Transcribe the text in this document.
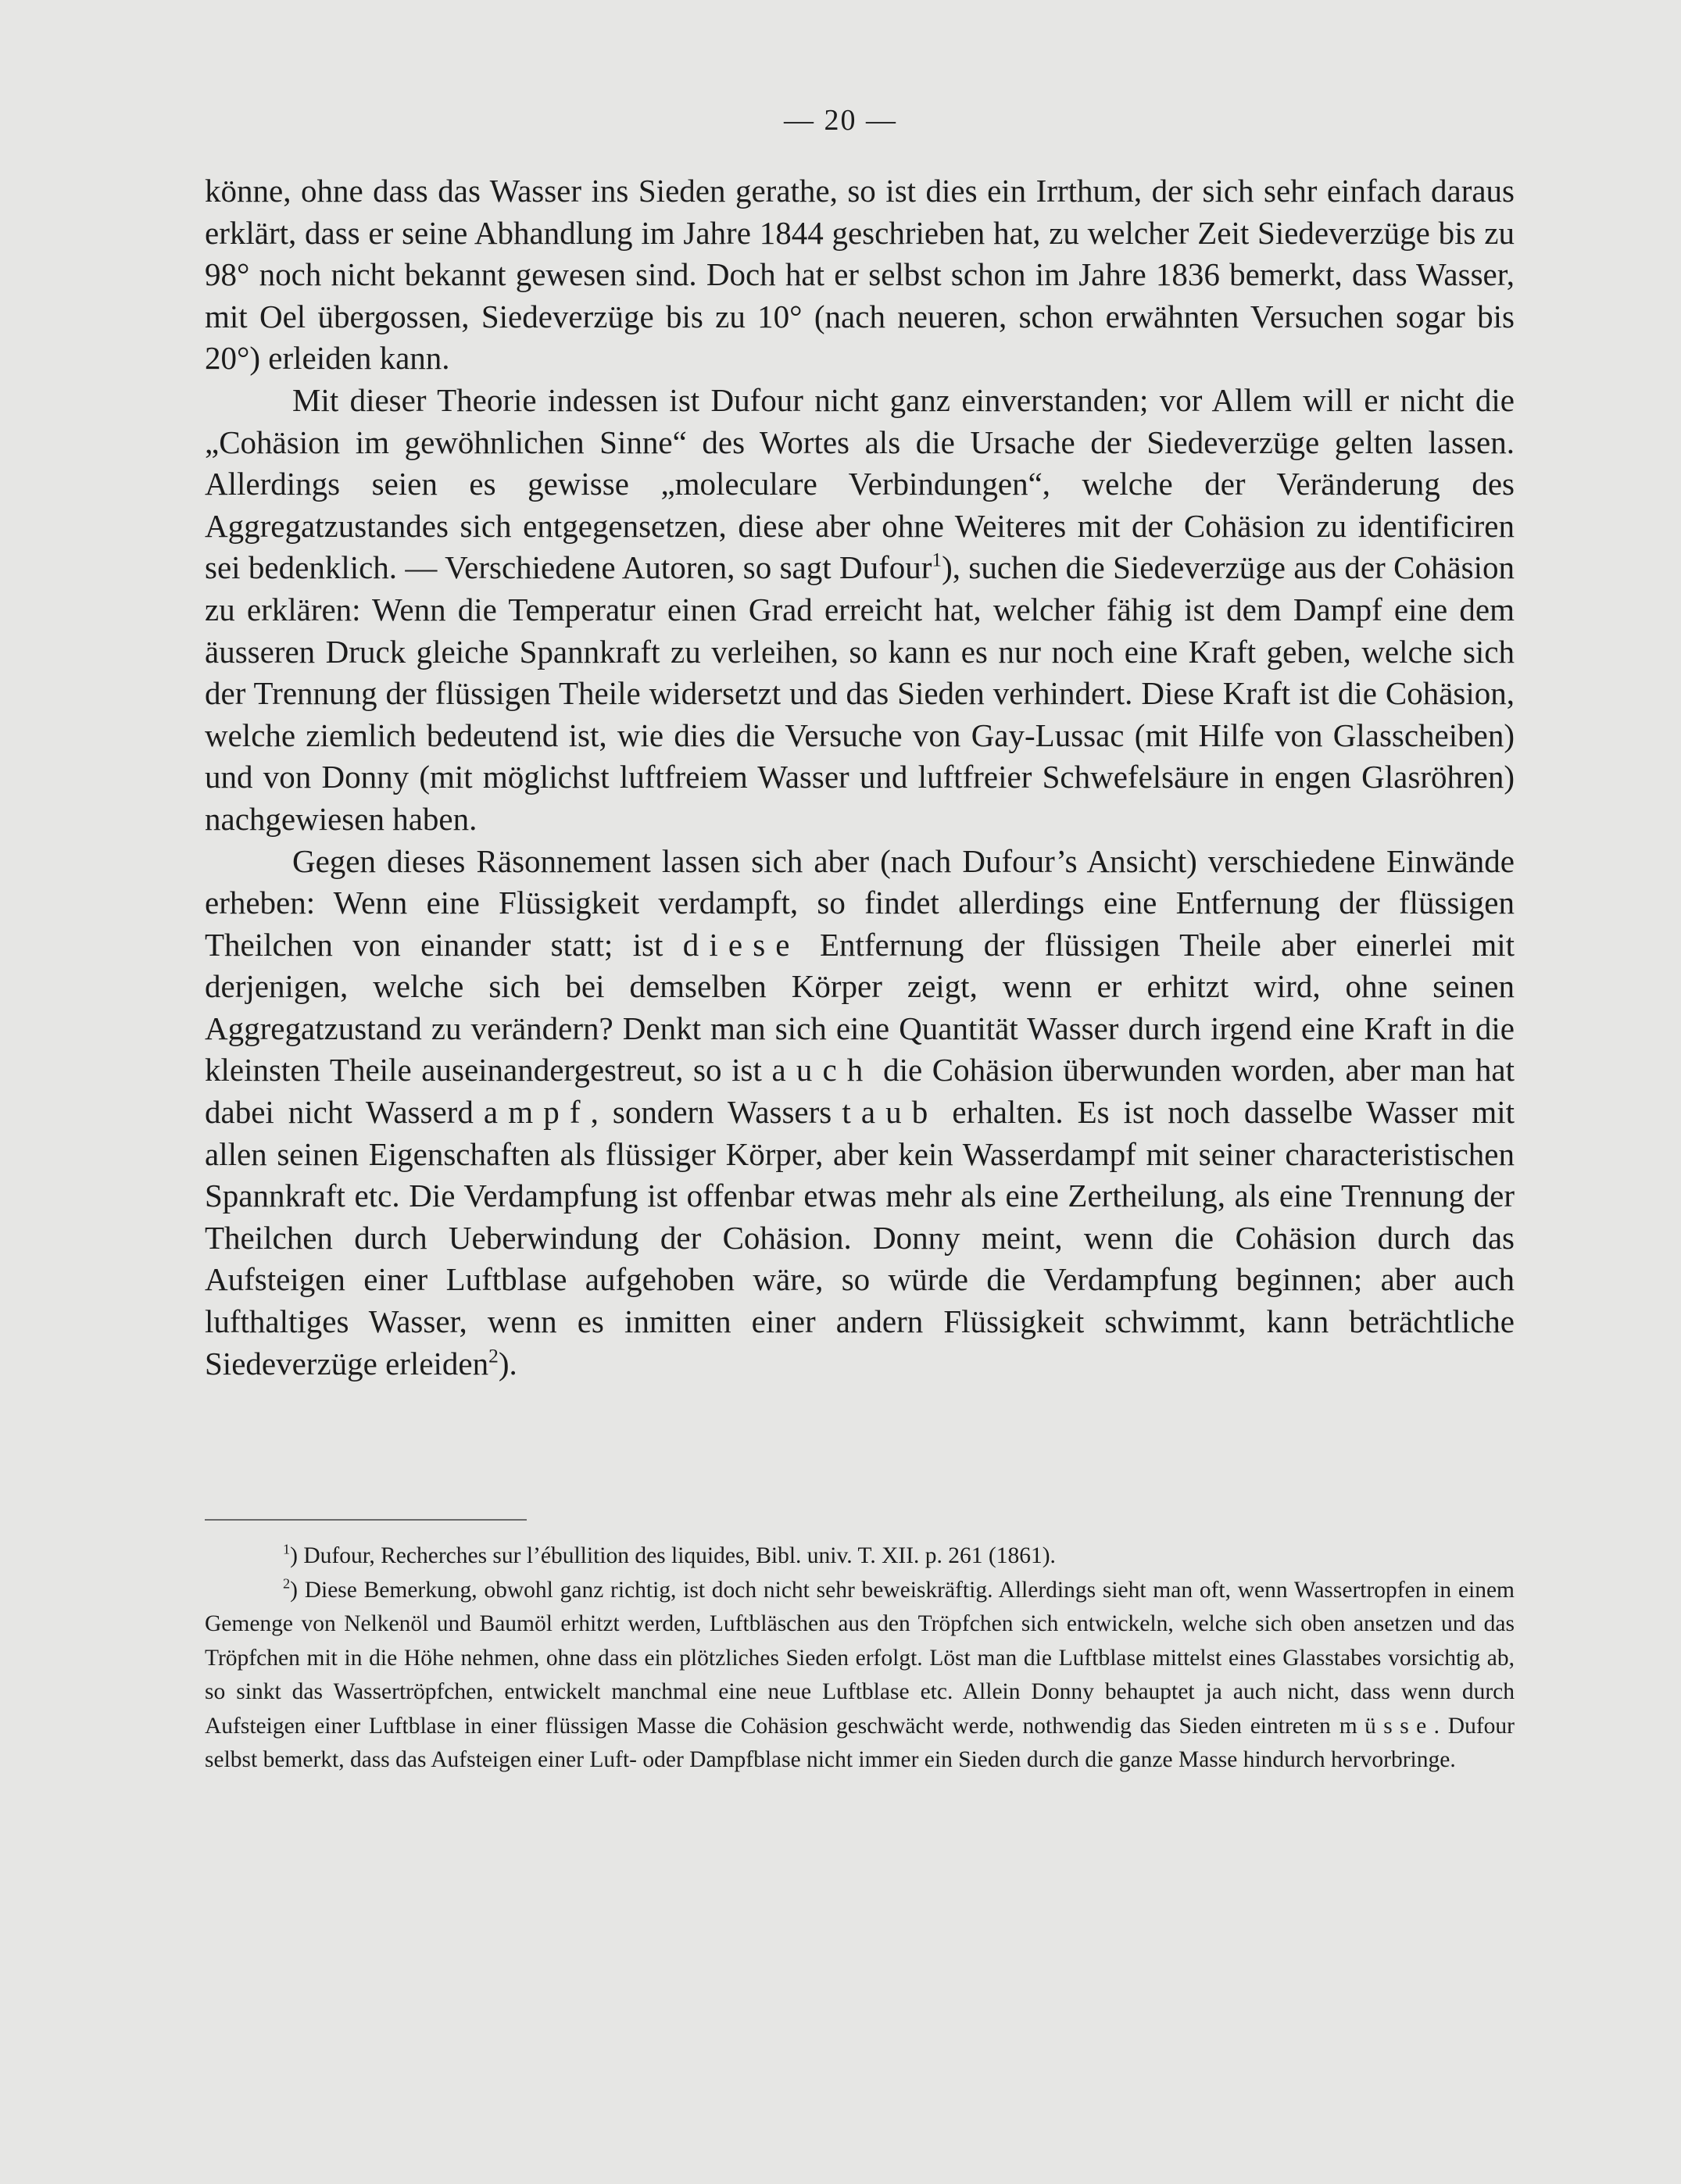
— 20 —

könne, ohne dass das Wasser ins Sieden gerathe, so ist dies ein Irrthum, der sich sehr einfach daraus erklärt, dass er seine Abhandlung im Jahre 1844 geschrieben hat, zu welcher Zeit Siedeverzüge bis zu 98° noch nicht bekannt gewesen sind. Doch hat er selbst schon im Jahre 1836 bemerkt, dass Wasser, mit Oel übergossen, Siedeverzüge bis zu 10° (nach neueren, schon erwähnten Versuchen sogar bis 20°) erleiden kann.

Mit dieser Theorie indessen ist Dufour nicht ganz einverstanden; vor Allem will er nicht die „Cohäsion im gewöhnlichen Sinne“ des Wortes als die Ursache der Siedeverzüge gelten lassen. Allerdings seien es gewisse „moleculare Verbindungen“, welche der Veränderung des Aggregatzustandes sich entgegensetzen, diese aber ohne Weiteres mit der Cohäsion zu identificiren sei bedenklich. — Verschiedene Autoren, so sagt Dufour$^1$), suchen die Siedeverzüge aus der Cohäsion zu erklären: Wenn die Temperatur einen Grad erreicht hat, welcher fähig ist dem Dampf eine dem äusseren Druck gleiche Spannkraft zu verleihen, so kann es nur noch eine Kraft geben, welche sich der Trennung der flüssigen Theile widersetzt und das Sieden verhindert. Diese Kraft ist die Cohäsion, welche ziemlich bedeutend ist, wie dies die Versuche von Gay-Lussac (mit Hilfe von Glasscheiben) und von Donny (mit möglichst luftfreiem Wasser und luftfreier Schwefelsäure in engen Glasröhren) nachgewiesen haben.

Gegen dieses Räsonnement lassen sich aber (nach Dufour’s Ansicht) verschiedene Einwände erheben: Wenn eine Flüssigkeit verdampft, so findet allerdings eine Entfernung der flüssigen Theilchen von einander statt; ist diese Entfernung der flüssigen Theile aber einerlei mit derjenigen, welche sich bei demselben Körper zeigt, wenn er erhitzt wird, ohne seinen Aggregatzustand zu verändern? Denkt man sich eine Quantität Wasser durch irgend eine Kraft in die kleinsten Theile auseinandergestreut, so ist auch die Cohäsion überwunden worden, aber man hat dabei nicht Wasserdampf, sondern Wasserstaub erhalten. Es ist noch dasselbe Wasser mit allen seinen Eigenschaften als flüssiger Körper, aber kein Wasserdampf mit seiner characteristischen Spannkraft etc. Die Verdampfung ist offenbar etwas mehr als eine Zertheilung, als eine Trennung der Theilchen durch Ueberwindung der Cohäsion. Donny meint, wenn die Cohäsion durch das Aufsteigen einer Luftblase aufgehoben wäre, so würde die Verdampfung beginnen; aber auch lufthaltiges Wasser, wenn es inmitten einer andern Flüssigkeit schwimmt, kann beträchtliche Siedeverzüge erleiden$^2$).

$^1$) Dufour, Recherches sur l’ébullition des liquides, Bibl. univ. T. XII. p. 261 (1861).

$^2$) Diese Bemerkung, obwohl ganz richtig, ist doch nicht sehr beweiskräftig. Allerdings sieht man oft, wenn Wassertropfen in einem Gemenge von Nelkenöl und Baumöl erhitzt werden, Luftbläschen aus den Tröpfchen sich entwickeln, welche sich oben ansetzen und das Tröpfchen mit in die Höhe nehmen, ohne dass ein plötzliches Sieden erfolgt. Löst man die Luftblase mittelst eines Glasstabes vorsichtig ab, so sinkt das Wassertröpfchen, entwickelt manchmal eine neue Luftblase etc. Allein Donny behauptet ja auch nicht, dass wenn durch Aufsteigen einer Luftblase in einer flüssigen Masse die Cohäsion geschwächt werde, nothwendig das Sieden eintreten müsse. Dufour selbst bemerkt, dass das Aufsteigen einer Luft- oder Dampfblase nicht immer ein Sieden durch die ganze Masse hindurch hervorbringe.
